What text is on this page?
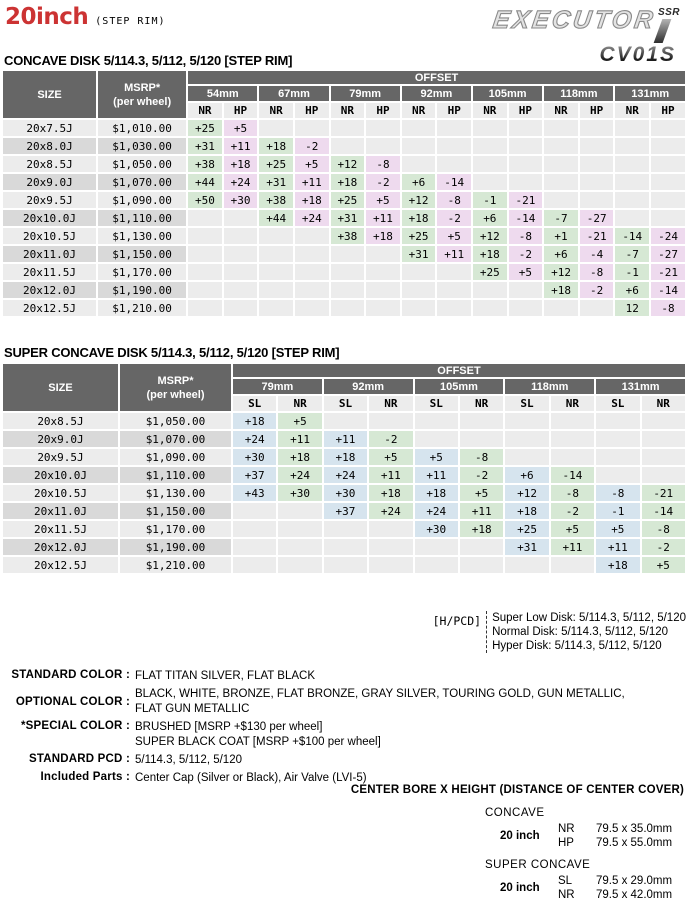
20inch (STEP RIM)	EXECUTOR SSR
CV01S
CONCAVE DISK 5/114.3, 5/112, 5/120 [STEP RIM]
SIZE	MSRP*
(per wheel)	OFFSET													
		54mm		67mm		79mm		92mm		105mm		118mm		131mm	
		NR	HP	NR	HP	NR	HP	NR	HP	NR	HP	NR	HP	NR	HP
20x7.5J	$1,010.00	+25	+5												
20x8.0J	$1,030.00	+31	+11	+18	-2										
20x8.5J	$1,050.00	+38	+18	+25	+5	+12	-8								
20x9.0J	$1,070.00	+44	+24	+31	+11	+18	-2	+6	-14						
20x9.5J	$1,090.00	+50	+30	+38	+18	+25	+5	+12	-8	-1	-21				
20x10.0J	$1,110.00			+44	+24	+31	+11	+18	-2	+6	-14	-7	-27		
20x10.5J	$1,130.00					+38	+18	+25	+5	+12	-8	+1	-21	-14	-24
20x11.0J	$1,150.00							+31	+11	+18	-2	+6	-4	-7	-27
20x11.5J	$1,170.00									+25	+5	+12	-8	-1	-21
20x12.0J	$1,190.00											+18	-2	+6	-14
20x12.5J	$1,210.00													12	-8
SUPER CONCAVE DISK 5/114.3, 5/112, 5/120 [STEP RIM]
SIZE	MSRP*
(per wheel)	OFFSET									
		79mm		92mm		105mm		118mm		131mm	
		SL	NR	SL	NR	SL	NR	SL	NR	SL	NR
20x8.5J	$1,050.00	+18	+5								
20x9.0J	$1,070.00	+24	+11	+11	-2						
20x9.5J	$1,090.00	+30	+18	+18	+5	+5	-8				
20x10.0J	$1,110.00	+37	+24	+24	+11	+11	-2	+6	-14		
20x10.5J	$1,130.00	+43	+30	+30	+18	+18	+5	+12	-8	-8	-21
20x11.0J	$1,150.00			+37	+24	+24	+11	+18	-2	-1	-14
20x11.5J	$1,170.00					+30	+18	+25	+5	+5	-8
20x12.0J	$1,190.00							+31	+11	+11	-2
20x12.5J	$1,210.00									+18	+5
[H/PCD] Super Low Disk: 5/114.3, 5/112, 5/120
Normal Disk: 5/114.3, 5/112, 5/120
Hyper Disk: 5/114.3, 5/112, 5/120
STANDARD COLOR : FLAT TITAN SILVER, FLAT BLACK
OPTIONAL COLOR :
BLACK, WHITE, BRONZE, FLAT BRONZE, GRAY SILVER, TOURING GOLD, GUN METALLIC,
FLAT GUN METALLIC
*SPECIAL COLOR : BRUSHED [MSRP +$130 per wheel]
SUPER BLACK COAT [MSRP +$100 per wheel]
STANDARD PCD : 5/114.3, 5/112, 5/120
Included Parts : Center Cap (Silver or Black), Air Valve (LVI-5)
CENTER BORE X HEIGHT (DISTANCE OF CENTER COVER)
CONCAVE
20 inch
NR	79.5 x 35.0mm
HP	79.5 x 55.0mm
SUPER CONCAVE
20 inch
SL	79.5 x 29.0mm
NR	79.5 x 42.0mm
